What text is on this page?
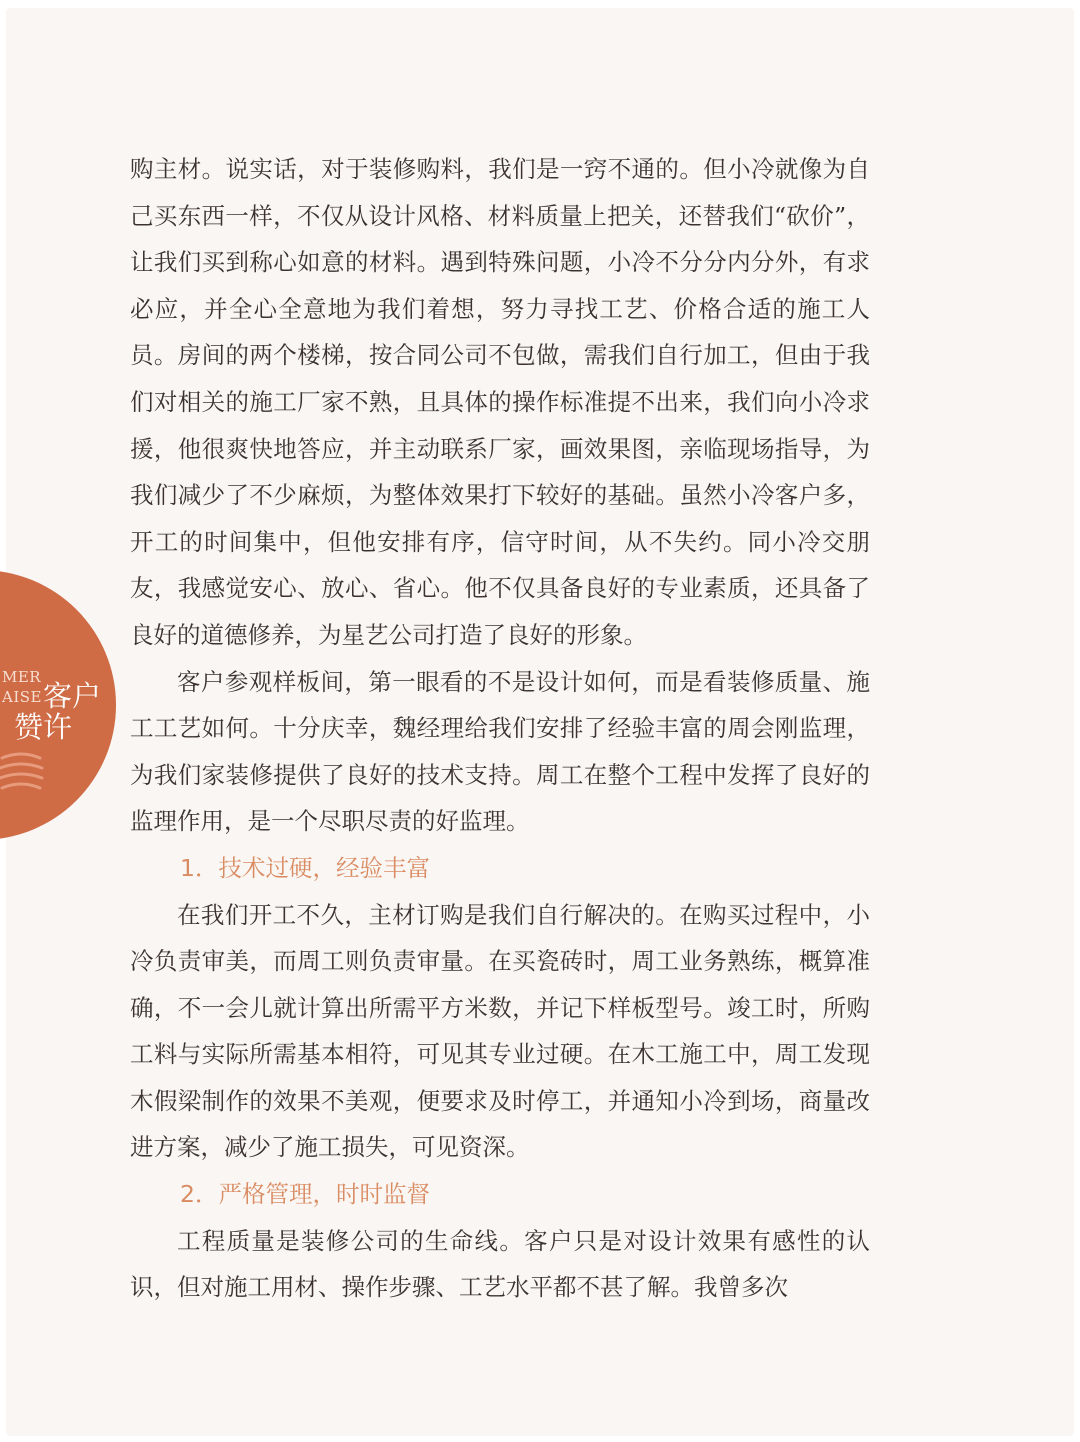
MER
AISE 客户
赞许

购主材。说实话，对于装修购料，我们是一窍不通的。但小冷就像为自己买东西一样，不仅从设计风格、材料质量上把关，还替我们“砍价”，让我们买到称心如意的材料。遇到特殊问题，小冷不分分内分外，有求必应，并全心全意地为我们着想，努力寻找工艺、价格合适的施工人员。房间的两个楼梯，按合同公司不包做，需我们自行加工，但由于我们对相关的施工厂家不熟，且具体的操作标准提不出来，我们向小冷求援，他很爽快地答应，并主动联系厂家，画效果图，亲临现场指导，为我们减少了不少麻烦，为整体效果打下较好的基础。虽然小冷客户多，开工的时间集中，但他安排有序，信守时间，从不失约。同小冷交朋友，我感觉安心、放心、省心。他不仅具备良好的专业素质，还具备了良好的道德修养，为星艺公司打造了良好的形象。

客户参观样板间，第一眼看的不是设计如何，而是看装修质量、施工工艺如何。十分庆幸，魏经理给我们安排了经验丰富的周会刚监理，为我们家装修提供了良好的技术支持。周工在整个工程中发挥了良好的监理作用，是一个尽职尽责的好监理。

1．技术过硬，经验丰富

在我们开工不久，主材订购是我们自行解决的。在购买过程中，小冷负责审美，而周工则负责审量。在买瓷砖时，周工业务熟练，概算准确，不一会儿就计算出所需平方米数，并记下样板型号。竣工时，所购工料与实际所需基本相符，可见其专业过硬。在木工施工中，周工发现木假梁制作的效果不美观，便要求及时停工，并通知小冷到场，商量改进方案，减少了施工损失，可见资深。

2．严格管理，时时监督

工程质量是装修公司的生命线。客户只是对设计效果有感性的认识，但对施工用材、操作步骤、工艺水平都不甚了解。我曾多次
